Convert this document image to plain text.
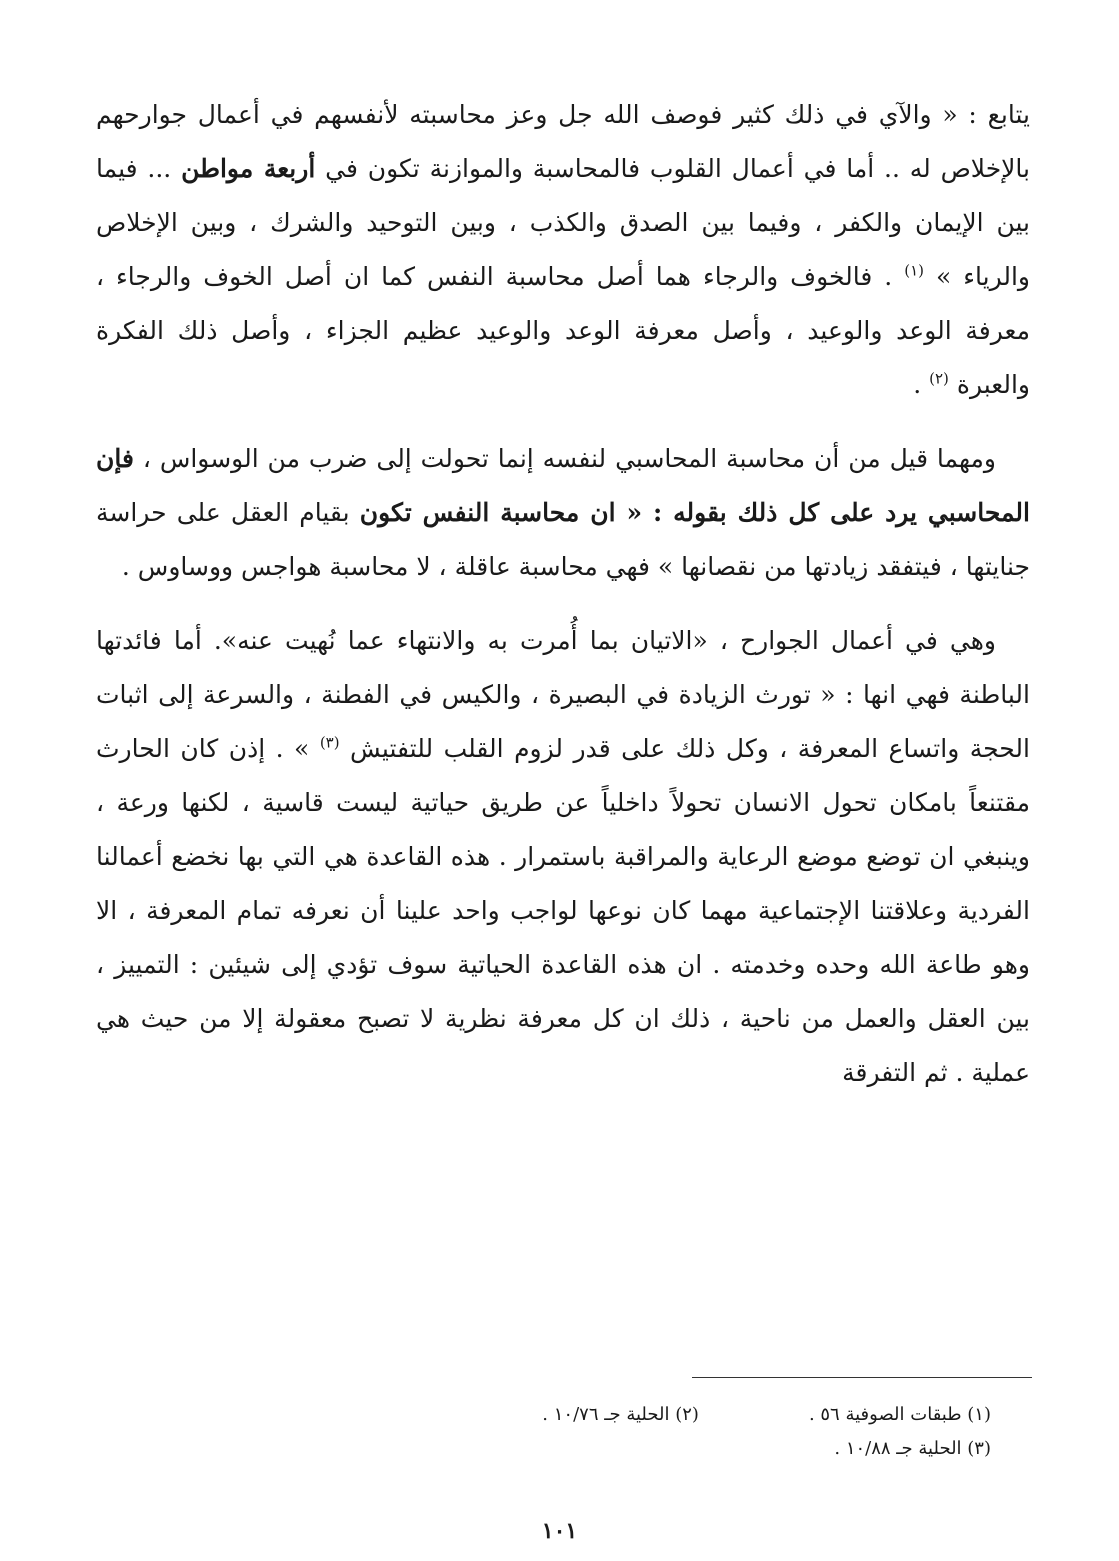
يتابع : « والآي في ذلك كثير فوصف الله جل وعز محاسبته لأنفسهم في أعمال جوارحهم بالإخلاص له .. أما في أعمال القلوب فالمحاسبة والموازنة تكون في أربعة مواطن ... فيما بين الإيمان والكفر ، وفيما بين الصدق والكذب ، وبين التوحيد والشرك ، وبين الإخلاص والرياء » $^{(١)}$ . فالخوف والرجاء هما أصل محاسبة النفس كما ان أصل الخوف والرجاء ، معرفة الوعد والوعيد ، وأصل معرفة الوعد والوعيد عظيم الجزاء ، وأصل ذلك الفكرة والعبرة $^{(٢)}$ .

ومهما قيل من أن محاسبة المحاسبي لنفسه إنما تحولت إلى ضرب من الوسواس ، فإن المحاسبي يرد على كل ذلك بقوله : « ان محاسبة النفس تكون بقيام العقل على حراسة جنايتها ، فيتفقد زيادتها من نقصانها » فهي محاسبة عاقلة ، لا محاسبة هواجس ووساوس .

وهي في أعمال الجوارح ، «الاتيان بما أُمرت به والانتهاء عما نُهيت عنه». أما فائدتها الباطنة فهي انها : « تورث الزيادة في البصيرة ، والكيس في الفطنة ، والسرعة إلى اثبات الحجة واتساع المعرفة ، وكل ذلك على قدر لزوم القلب للتفتيش $^{(٣)}$ » . إذن كان الحارث مقتنعاً بامكان تحول الانسان تحولاً داخلياً عن طريق حياتية ليست قاسية ، لكنها ورعة ، وينبغي ان توضع موضع الرعاية والمراقبة باستمرار . هذه القاعدة هي التي بها نخضع أعمالنا الفردية وعلاقتنا الإجتماعية مهما كان نوعها لواجب واحد علينا أن نعرفه تمام المعرفة ، الا وهو طاعة الله وحده وخدمته . ان هذه القاعدة الحياتية سوف تؤدي إلى شيئين : التمييز ، بين العقل والعمل من ناحية ، ذلك ان كل معرفة نظرية لا تصبح معقولة إلا من حيث هي عملية . ثم التفرقة

(١) طبقات الصوفية ٥٦ .
(٢) الحلية جـ ١٠/٧٦ .
(٣) الحلية جـ ١٠/٨٨ .
١٠١
